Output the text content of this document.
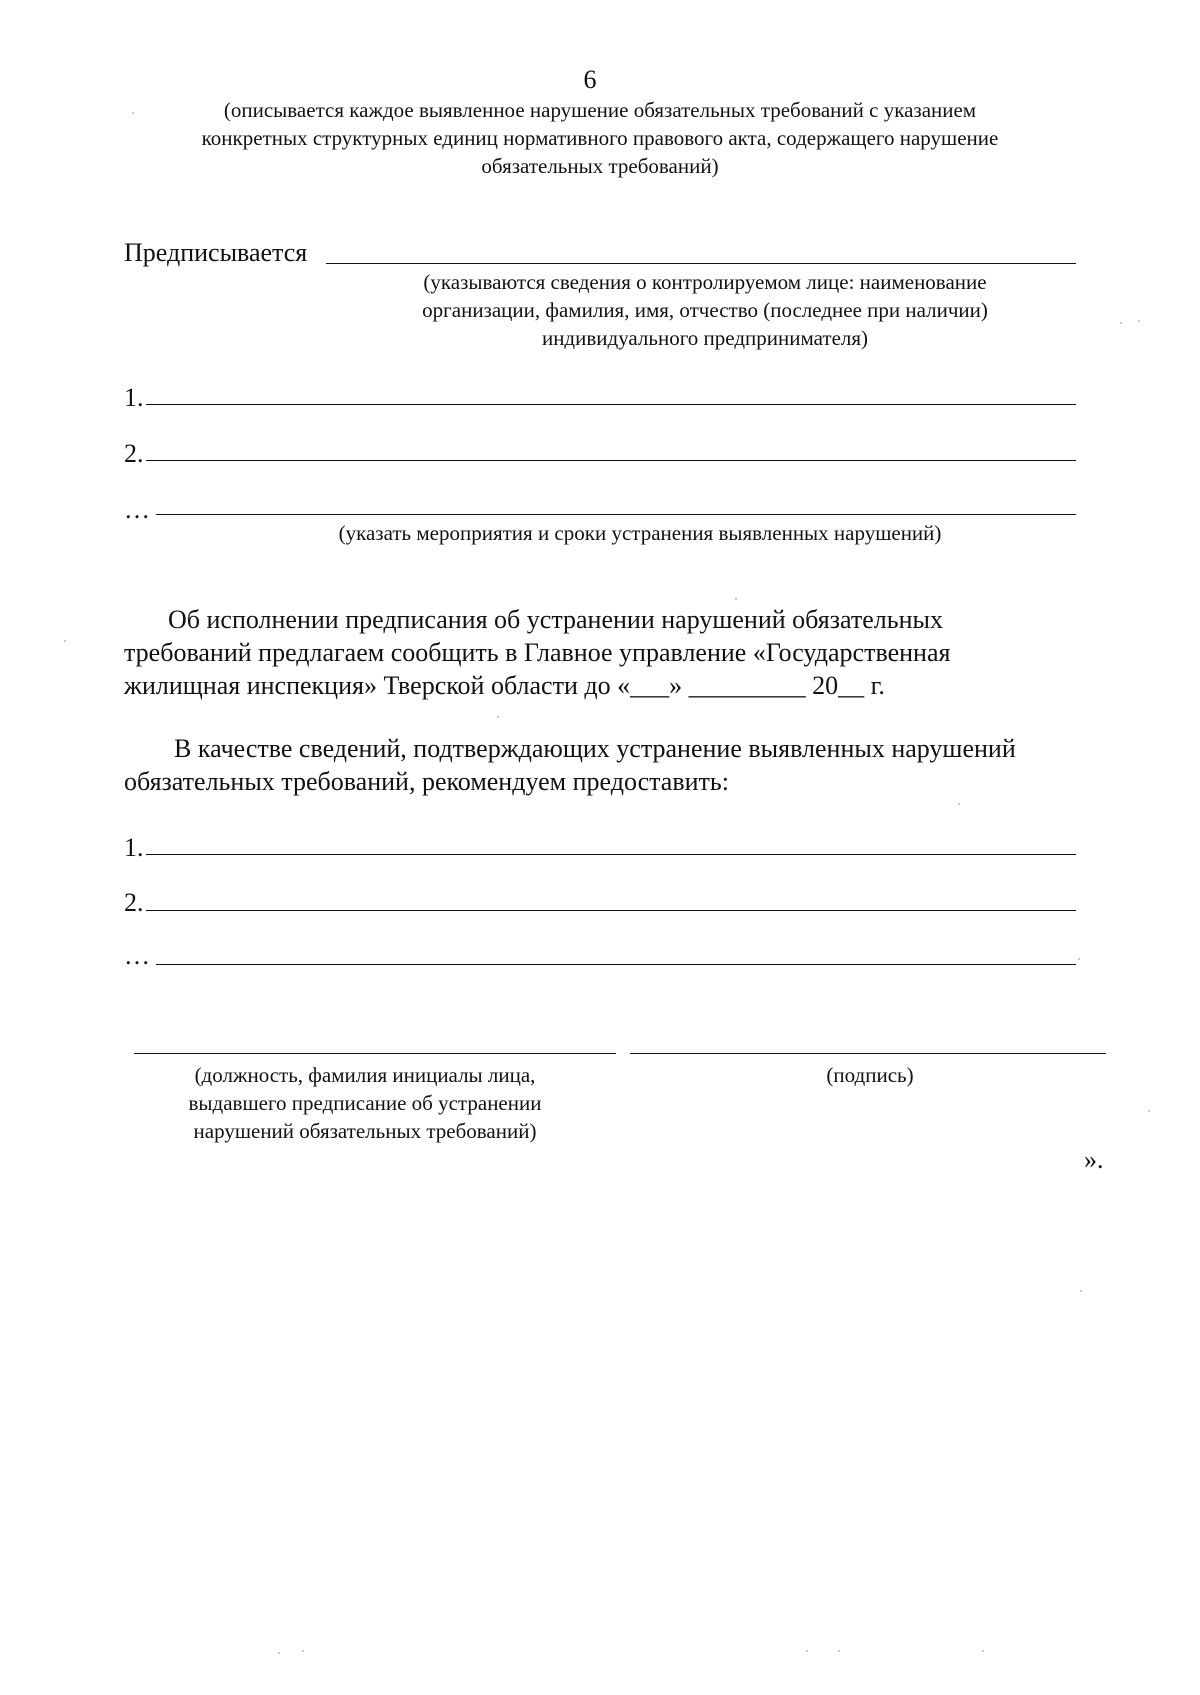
6
(описывается каждое выявленное нарушение обязательных требований с указанием
конкретных структурных единиц нормативного правового акта, содержащего нарушение
обязательных требований)
Предписывается
(указываются сведения о контролируемом лице: наименование
организации, фамилия, имя, отчество (последнее при наличии)
индивидуального предпринимателя)
1.
2.
…
(указать мероприятия и сроки устранения выявленных нарушений)
Об исполнении предписания об устранении нарушений обязательных
требований предлагаем сообщить в Главное управление «Государственная
жилищная инспекция» Тверской области до «___» _________ 20__ г.
В качестве сведений, подтверждающих устранение выявленных нарушений
обязательных требований, рекомендуем предоставить:
1.
2.
…
(должность, фамилия инициалы лица,
выдавшего предписание об устранении
нарушений обязательных требований)
(подпись)
».
